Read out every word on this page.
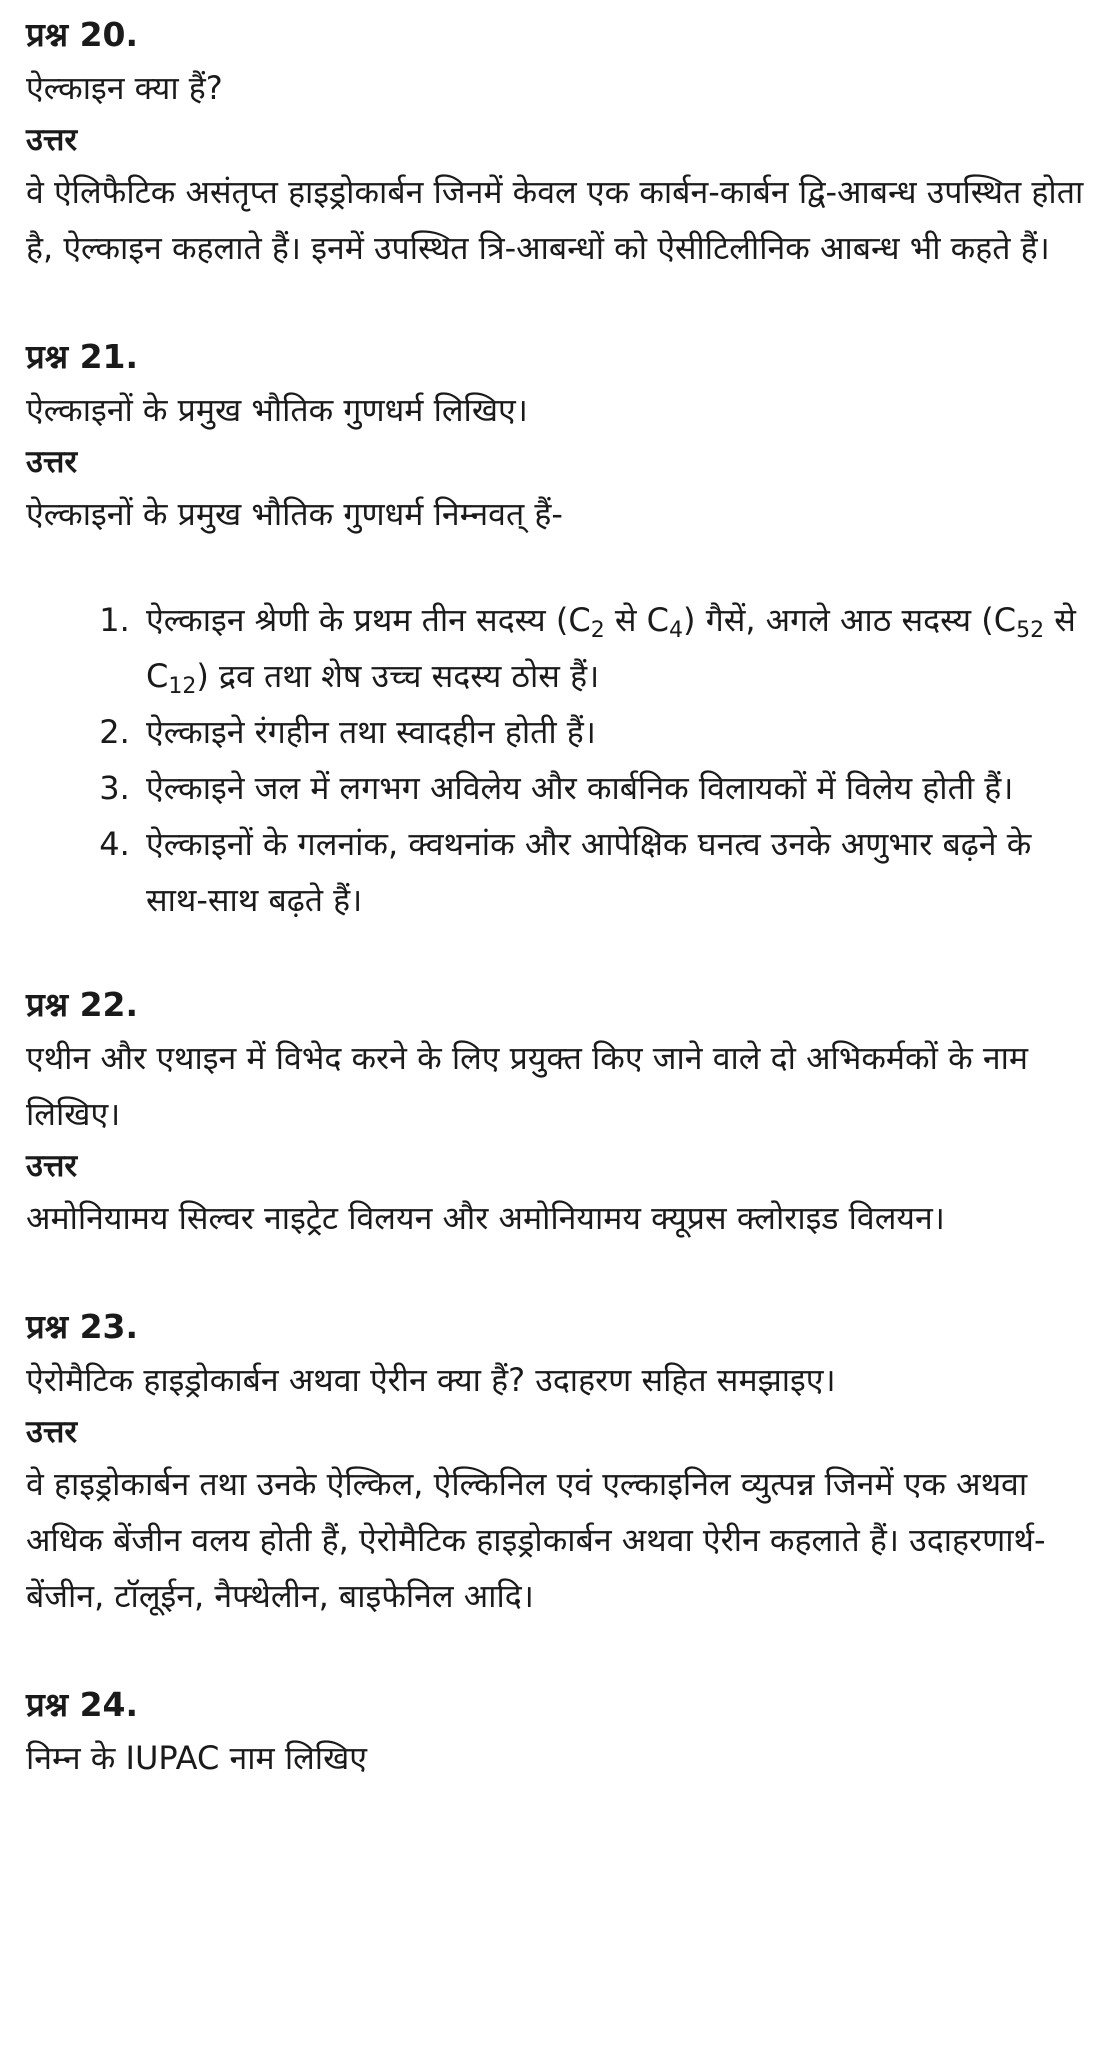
प्रश्न 20.

ऐल्काइन क्या हैं?

उत्तर

वे ऐलिफैटिक असंतृप्त हाइड्रोकार्बन जिनमें केवल एक कार्बन-कार्बन द्वि-आबन्ध उपस्थित होता है, ऐल्काइन कहलाते हैं। इनमें उपस्थित त्रि-आबन्धों को ऐसीटिलीनिक आबन्ध भी कहते हैं।

प्रश्न 21.

ऐल्काइनों के प्रमुख भौतिक गुणधर्म लिखिए।

उत्तर

ऐल्काइनों के प्रमुख भौतिक गुणधर्म निम्नवत् हैं-

1. ऐल्काइन श्रेणी के प्रथम तीन सदस्य ($C_2$ से $C_4$) गैसें, अगले आठ सदस्य ($C_{52}$ से $C_{12}$) द्रव तथा शेष उच्च सदस्य ठोस हैं।
2. ऐल्काइने रंगहीन तथा स्वादहीन होती हैं।
3. ऐल्काइने जल में लगभग अविलेय और कार्बनिक विलायकों में विलेय होती हैं।
4. ऐल्काइनों के गलनांक, क्वथनांक और आपेक्षिक घनत्व उनके अणुभार बढ़ने के साथ-साथ बढ़ते हैं।

प्रश्न 22.

एथीन और एथाइन में विभेद करने के लिए प्रयुक्त किए जाने वाले दो अभिकर्मकों के नाम लिखिए।

उत्तर

अमोनियामय सिल्वर नाइट्रेट विलयन और अमोनियामय क्यूप्रस क्लोराइड विलयन।

प्रश्न 23.

ऐरोमैटिक हाइड्रोकार्बन अथवा ऐरीन क्या हैं? उदाहरण सहित समझाइए।

उत्तर

वे हाइड्रोकार्बन तथा उनके ऐल्किल, ऐल्किनिल एवं एल्काइनिल व्युत्पन्न जिनमें एक अथवा अधिक बेंजीन वलय होती हैं, ऐरोमैटिक हाइड्रोकार्बन अथवा ऐरीन कहलाते हैं। उदाहरणार्थ-बेंजीन, टॉलूईन, नैफ्थेलीन, बाइफेनिल आदि।

प्रश्न 24.

निम्न के IUPAC नाम लिखिए
